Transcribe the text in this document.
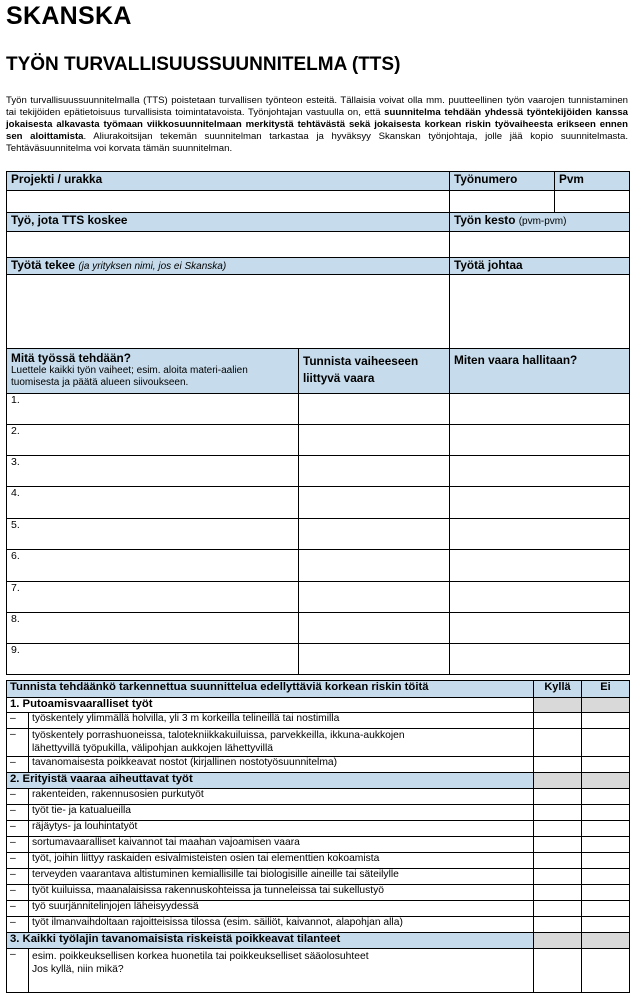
SKANSKA
TYÖN TURVALLISUUSSUUNNITELMA (TTS)
Työn turvallisuussuunnitelmalla (TTS) poistetaan turvallisen työnteon esteitä. Tällaisia voivat olla mm. puutteellinen työn vaarojen tunnistaminen tai tekijöiden epätietoisuus turvallisista toimintatavoista. Työnjohtajan vastuulla on, että suunnitelma tehdään yhdessä työntekijöiden kanssa jokaisesta alkavasta työmaan viikkosuunnitelmaan merkitystä tehtävästä sekä jokaisesta korkean riskin työvaiheesta erikseen ennen sen aloittamista. Aliurakoitsijan tekemän suunnitelman tarkastaa ja hyväksyy Skanskan työnjohtaja, jolle jää kopio suunnitelmasta. Tehtäväsuunnitelma voi korvata tämän suunnitelman.
Projekti / urakka		Työnumero	Pvm

Työ, jota TTS koskee		Työn kesto (pvm-pvm)	

Työtä tekee (ja yrityksen nimi, jos ei Skanska)		Työtä johtaa	

Mitä työssä tehdään?
Luettele kaikki työn vaiheet; esim. aloita materi-aalien tuomisesta ja päätä alueen siivoukseen.	Tunnista vaiheeseen liittyvä vaara	Miten vaara hallitaan?	
1.			
2.			
3.			
4.			
5.			
6.			
7.			
8.			
9.			
Tunnista tehdäänkö tarkennettua suunnittelua edellyttäviä korkean riskin töitä		Kyllä	Ei
1. Putoamisvaaralliset työt			
–	työskentely ylimmällä holvilla, yli 3 m korkeilla telineillä tai nostimilla		
–	työskentely porrashuoneissa, talotekniikkakuiluissa, parvekkeilla, ikkuna-aukkojen
lähettyvillä työpukilla, välipohjan aukkojen lähettyvillä		
–	tavanomaisesta poikkeavat nostot (kirjallinen nostotyösuunnitelma)		
2. Erityistä vaaraa aiheuttavat työt			
–	rakenteiden, rakennusosien purkutyöt		
–	työt tie- ja katualueilla		
–	räjäytys- ja louhintatyöt		
–	sortumavaaralliset kaivannot tai maahan vajoamisen vaara		
–	työt, joihin liittyy raskaiden esivalmisteisten osien tai elementtien kokoamista		
–	terveyden vaarantava altistuminen kemiallisille tai biologisille aineille tai säteilylle		
–	työt kuiluissa, maanalaisissa rakennuskohteissa ja tunneleissa tai sukellustyö		
–	työ suurjännitelinjojen läheisyydessä		
–	työt ilmanvaihdoltaan rajoitteisissa tilossa (esim. säiliöt, kaivannot, alapohjan alla)		
3. Kaikki työlajin tavanomaisista riskeistä poikkeavat tilanteet			
–	esim. poikkeuksellisen korkea huonetila tai poikkeukselliset sääolosuhteet
Jos kyllä, niin mikä?		
